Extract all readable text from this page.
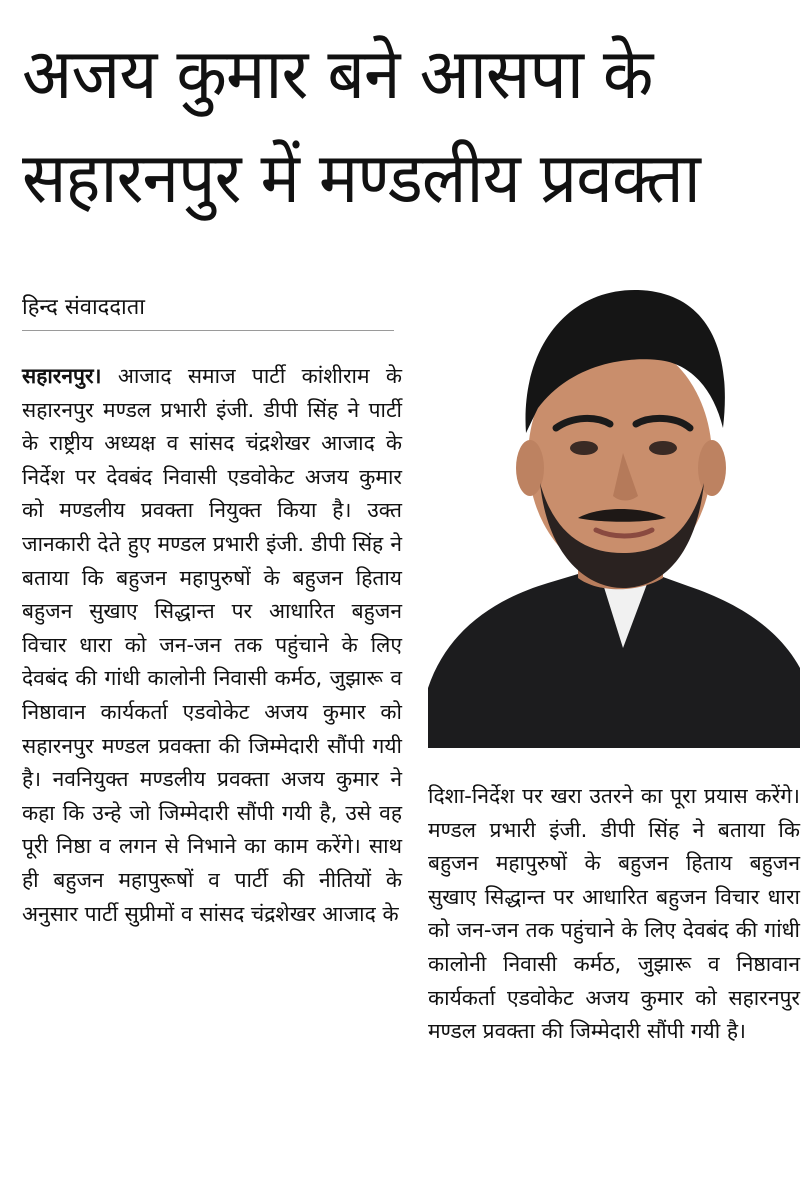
अजय कुमार बने आसपा के
सहारनपुर में मण्डलीय प्रवक्ता
हिन्द संवाददाता
सहारनपुर। आजाद समाज पार्टी कांशीराम के सहारनपुर मण्डल प्रभारी इंजी. डीपी सिंह ने पार्टी के राष्ट्रीय अध्यक्ष व सांसद चंद्रशेखर आजाद के निर्देश पर देवबंद निवासी एडवोकेट अजय कुमार को मण्डलीय प्रवक्ता नियुक्त किया है। उक्त जानकारी देते हुए मण्डल प्रभारी इंजी. डीपी सिंह ने बताया कि बहुजन महापुरुषों के बहुजन हिताय बहुजन सुखाए सिद्धान्त पर आधारित बहुजन विचार धारा को जन-जन तक पहुंचाने के लिए देवबंद की गांधी कालोनी निवासी कर्मठ, जुझारू व निष्ठावान कार्यकर्ता एडवोकेट अजय कुमार को सहारनपुर मण्डल प्रवक्ता की जिम्मेदारी सौंपी गयी है। नवनियुक्त मण्डलीय प्रवक्ता अजय कुमार ने कहा कि उन्हे जो जिम्मेदारी सौंपी गयी है, उसे वह पूरी निष्ठा व लगन से निभाने का काम करेंगे। साथ ही बहुजन महापुरूषों व पार्टी की नीतियों के अनुसार पार्टी सुप्रीमों व सांसद चंद्रशेखर आजाद के
दिशा-निर्देश पर खरा उतरने का पूरा प्रयास करेंगे। मण्डल प्रभारी इंजी. डीपी सिंह ने बताया कि बहुजन महापुरुषों के बहुजन हिताय बहुजन सुखाए सिद्धान्त पर आधारित बहुजन विचार धारा को जन-जन तक पहुंचाने के लिए देवबंद की गांधी कालोनी निवासी कर्मठ, जुझारू व निष्ठावान कार्यकर्ता एडवोकेट अजय कुमार को सहारनपुर मण्डल प्रवक्ता की जिम्मेदारी सौंपी गयी है।
